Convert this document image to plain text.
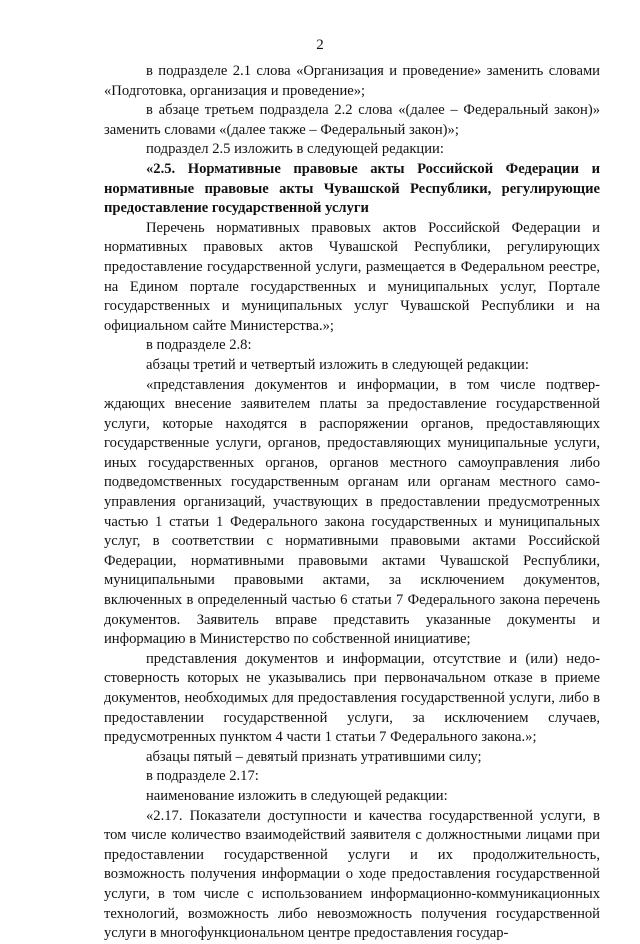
2

в подразделе 2.1 слова «Организация и проведение» заменить словами «Подготовка, организация и проведение»;

в абзаце третьем подраздела 2.2 слова «(далее – Федеральный закон)» заменить словами «(далее также – Федеральный закон)»;

подраздел 2.5 изложить в следующей редакции:

«2.5. Нормативные правовые акты Российской Федерации и нормативные правовые акты Чувашской Республики, регулирующие предоставление государственной услуги

Перечень нормативных правовых актов Российской Федерации и нормативных правовых актов Чувашской Республики, регулирующих предоставление государственной услуги, размещается в Федеральном реестре, на Едином портале государственных и муниципальных услуг, Портале государственных и муниципальных услуг Чувашской Республики и на официальном сайте Министерства.»;

в подразделе 2.8:

абзацы третий и четвертый изложить в следующей редакции:

«представления документов и информации, в том числе подтверждающих внесение заявителем платы за предоставление государственной услуги, которые находятся в распоряжении органов, предоставляющих государственные услуги, органов, предоставляющих муниципальные услуги, иных государственных органов, органов местного самоуправления либо подведомственных государственным органам или органам местного самоуправления организаций, участвующих в предоставлении предусмотренных частью 1 статьи 1 Федерального закона государственных и муниципальных услуг, в соответствии с нормативными правовыми актами Российской Федерации, нормативными правовыми актами Чувашской Республики, муниципальными правовыми актами, за исключением документов, включенных в определенный частью 6 статьи 7 Федерального закона перечень документов. Заявитель вправе представить указанные документы и информацию в Министерство по собственной инициативе;

представления документов и информации, отсутствие и (или) недостоверность которых не указывались при первоначальном отказе в приеме документов, необходимых для предоставления государственной услуги, либо в предоставлении государственной услуги, за исключением случаев, предусмотренных пунктом 4 части 1 статьи 7 Федерального закона.»;

абзацы пятый – девятый признать утратившими силу;

в подразделе 2.17:

наименование изложить в следующей редакции:

«2.17. Показатели доступности и качества государственной услуги, в том числе количество взаимодействий заявителя с должностными лицами при предоставлении государственной услуги и их продолжительность, возможность получения информации о ходе предоставления государственной услуги, в том числе с использованием информационно-коммуникационных технологий, возможность либо невозможность получения государственной услуги в многофункциональном центре предоставления государ-
